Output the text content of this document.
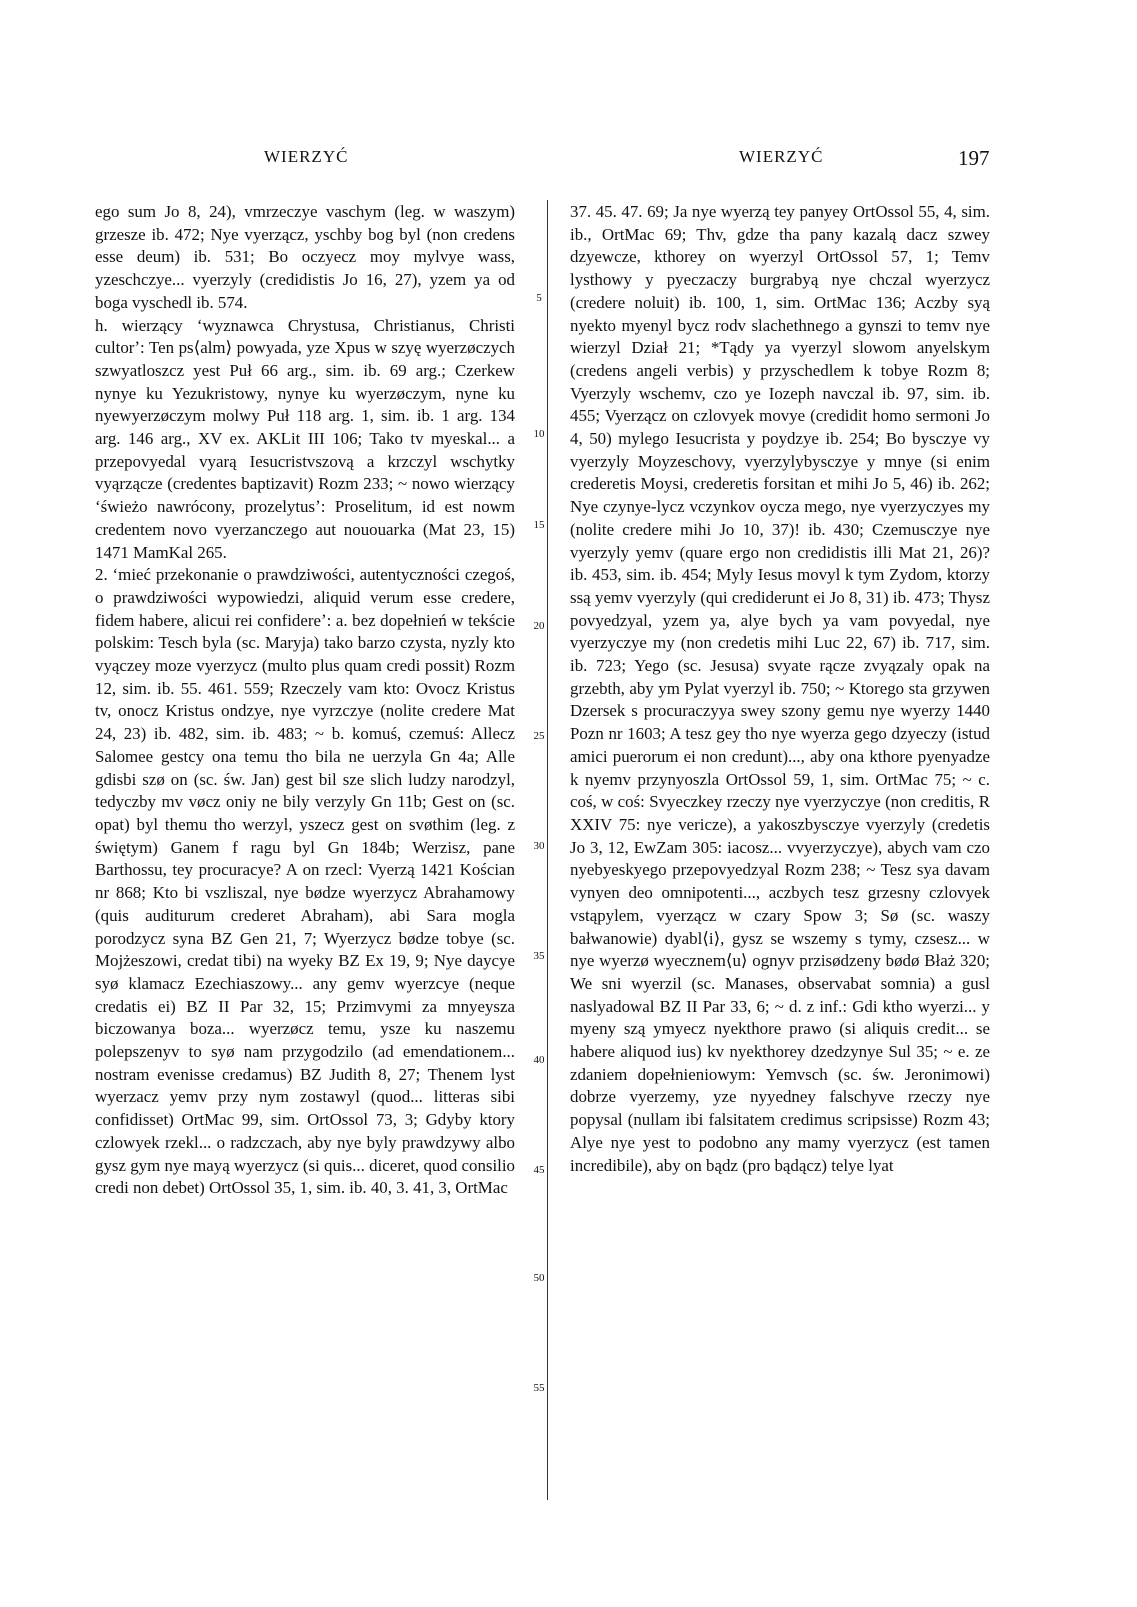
WIERZYĆ	WIERZYĆ	197

ego sum Jo 8, 24), vmrzeczye vaschym (leg. w waszym) grzesze ib. 472; Nye vyerząсz, yschby bog byl (non credens esse deum) ib. 531; Bo oczyecz moy mylvye wass, yzeschczye... vyerzyly (credidistis Jo 16, 27), yzem ya od boga vyschedl ib. 574.

h. wierzący ʻwyznawca Chrystusa, Christianus, Christi cultorʼ: Ten ps⟨alm⟩ powyada, yze Xpus w szyę wyerzøczych szwyatloszcz yest Puł 66 arg., sim. ib. 69 arg.; Czerkew nynye ku Yezukristowy, nynye ku wyerzøczym, nyne ku nyewyerzøczym molwy Puł 118 arg. 1, sim. ib. 1 arg. 134 arg. 146 arg., XV ex. AKLit III 106; Tako tv myeskal... a przepovyedal vyarą Iesucristvszovą a krzczyl wschytky vyąrzącze (credentes baptizavit) Rozm 233; ~ nowo wierzący ʻświeżo nawrócony, prozelytusʼ: Proselitum, id est nowm credentem novo vyerzanczego aut nououarka (Mat 23, 15) 1471 MamKal 265.

2. ʻmieć przekonanie o prawdziwości, autentyczności czegoś, o prawdziwości wypowiedzi, aliquid verum esse credere, fidem habere, alicui rei confidereʼ: a. bez dopełnień w tekście polskim: Tesch byla (sc. Maryja) tako barzo czysta, nyzly kto vyączey moze vyerzycz (multo plus quam credi possit) Rozm 12, sim. ib. 55. 461. 559; Rzeczely vam kto: Ovocz Kristus tv, onocz Kristus ondzye, nye vyrzczye (nolite credere Mat 24, 23) ib. 482, sim. ib. 483; ~ b. komuś, czemuś: Allecz Salomee gestcy ona temu tho bila ne uerzyla Gn 4a; Alle gdisbi szø on (sc. św. Jan) gest bil sze slich ludzy narodzyl, tedyczby mv vøcz oniy ne bily verzyly Gn 11b; Gest on (sc. opat) byl themu tho werzyl, yszecz gest on svøthim (leg. z świętym) Ganem f ragu byl Gn 184b; Werzisz, pane Barthossu, tey procuracye? A on rzecl: Vyerzą 1421 Kościan nr 868; Kto bi vszliszal, nye bødze wyerzycz Abrahamowy (quis auditurum crederet Abraham), abi Sara mogla porodzycz syna BZ Gen 21, 7; Wyerzycz bødze tobye (sc. Mojżeszowi, credat tibi) na wyeky BZ Ex 19, 9; Nye daycye syø klamacz Ezechiaszowy... any gemv wyerzcye (neque credatis ei) BZ II Par 32, 15; Przimvymi za mnyeysza biczowanya boza... wyerzøcz temu, ysze ku naszemu polepszenyv to syø nam przygodzilo (ad emendationem... nostram evenisse credamus) BZ Judith 8, 27; Thenem lyst wyerzacz yemv przy nym zostawyl (quod... litteras sibi confidisset) OrtMac 99, sim. OrtOssol 73, 3; Gdyby ktory czlowyek rzekl... o radzczach, aby nye byly prawdzywy albo gysz gym nye mayą wyerzycz (si quis... diceret, quod consilio credi non debet) OrtOssol 35, 1, sim. ib. 40, 3. 41, 3, OrtMac

5
10
15
20
25
30
35
40
45
50
55

37. 45. 47. 69; Ja nye wyerzą tey panyey OrtOssol 55, 4, sim. ib., OrtMac 69; Thv, gdze tha pany kazalą dacz szwey dzyewcze, kthorey on wyerzyl OrtOssol 57, 1; Temv lysthowy y pyeczaczy burgrabyą nye chczal wyerzycz (credere noluit) ib. 100, 1, sim. OrtMac 136; Aczby syą nyekto myenyl bycz rodv slachethnego a gynszi to temv nye wierzyl Dział 21; *Tądy ya vyerzyl slowom anyelskym (credens angeli verbis) y przyschedlem k tobye Rozm 8; Vyerzyly wschemv, czo ye Iozeph navczal ib. 97, sim. ib. 455; Vyerząсz on czlovyek movye (credidit homo sermoni Jo 4, 50) mylego Iesucrista y poydzye ib. 254; Bo bysczye vy vyerzyly Moyzeschovy, vyerzylybysczye y mnye (si enim crederetis Moysi, crederetis forsitan et mihi Jo 5, 46) ib. 262; Nye czynye-lycz vczynkov oycza mego, nye vyerzyczyes my (nolite credere mihi Jo 10, 37)! ib. 430; Czemusczye nye vyerzyly yemv (quare ergo non credidistis illi Mat 21, 26)? ib. 453, sim. ib. 454; Myly Iesus movyl k tym Zydom, ktorzy ssą yemv vyerzyly (qui crediderunt ei Jo 8, 31) ib. 473; Thysz povyedzyal, yzem ya, alye bych ya vam povyedal, nye vyerzyczye my (non credetis mihi Luc 22, 67) ib. 717, sim. ib. 723; Yego (sc. Jesusa) svyate rącze zvyązaly opak na grzebth, aby ym Pylat vyerzyl ib. 750; ~ Ktorego sta grzywen Dzersek s procuraczyya swey szony gemu nye wyerzy 1440 Pozn nr 1603; A tesz gey tho nye wyerza gego dzyeczy (istud amici puerorum ei non credunt)..., aby ona kthore pyenyadze k nyemv przynyoszla OrtOssol 59, 1, sim. OrtMac 75; ~ c. coś, w coś: Svyeczkey rzeczy nye vyerzyczye (non creditis, R XXIV 75: nye vericze), a yakoszbysczye vyerzyly (credetis Jo 3, 12, EwZam 305: iacosz... vvyerzyczye), abych vam czo nyebyeskyego przepovyedzyal Rozm 238; ~ Tesz sya davam vynyen deo omnipotenti..., aczbych tesz grzesny czlovyek vstąpylem, vyerząсz w czary Spow 3; Sø (sc. waszy bałwanowie) dyabl⟨i⟩, gysz se wszemy s tymy, czsesz... w nye wyerzø wyecznem⟨u⟩ ognyv przisødzeny bødø Błaż 320; We sni wyerzil (sc. Manases, observabat somnia) a gusl naslyadowal BZ II Par 33, 6; ~ d. z inf.: Gdi ktho wyerzi... y myeny szą ymyecz nyekthore prawo (si aliquis credit... se habere aliquod ius) kv nyekthorey dzedzynye Sul 35; ~ e. ze zdaniem dopełnieniowym: Yemvsch (sc. św. Jeronimowi) dobrze vyerzemy, yze nyyedney falschyve rzeczy nye popysal (nullam ibi falsitatem credimus scripsisse) Rozm 43; Alye nye yest to podobno any mamy vyerzycz (est tamen incredibile), aby on bądz (pro bądącz) telye lyat
